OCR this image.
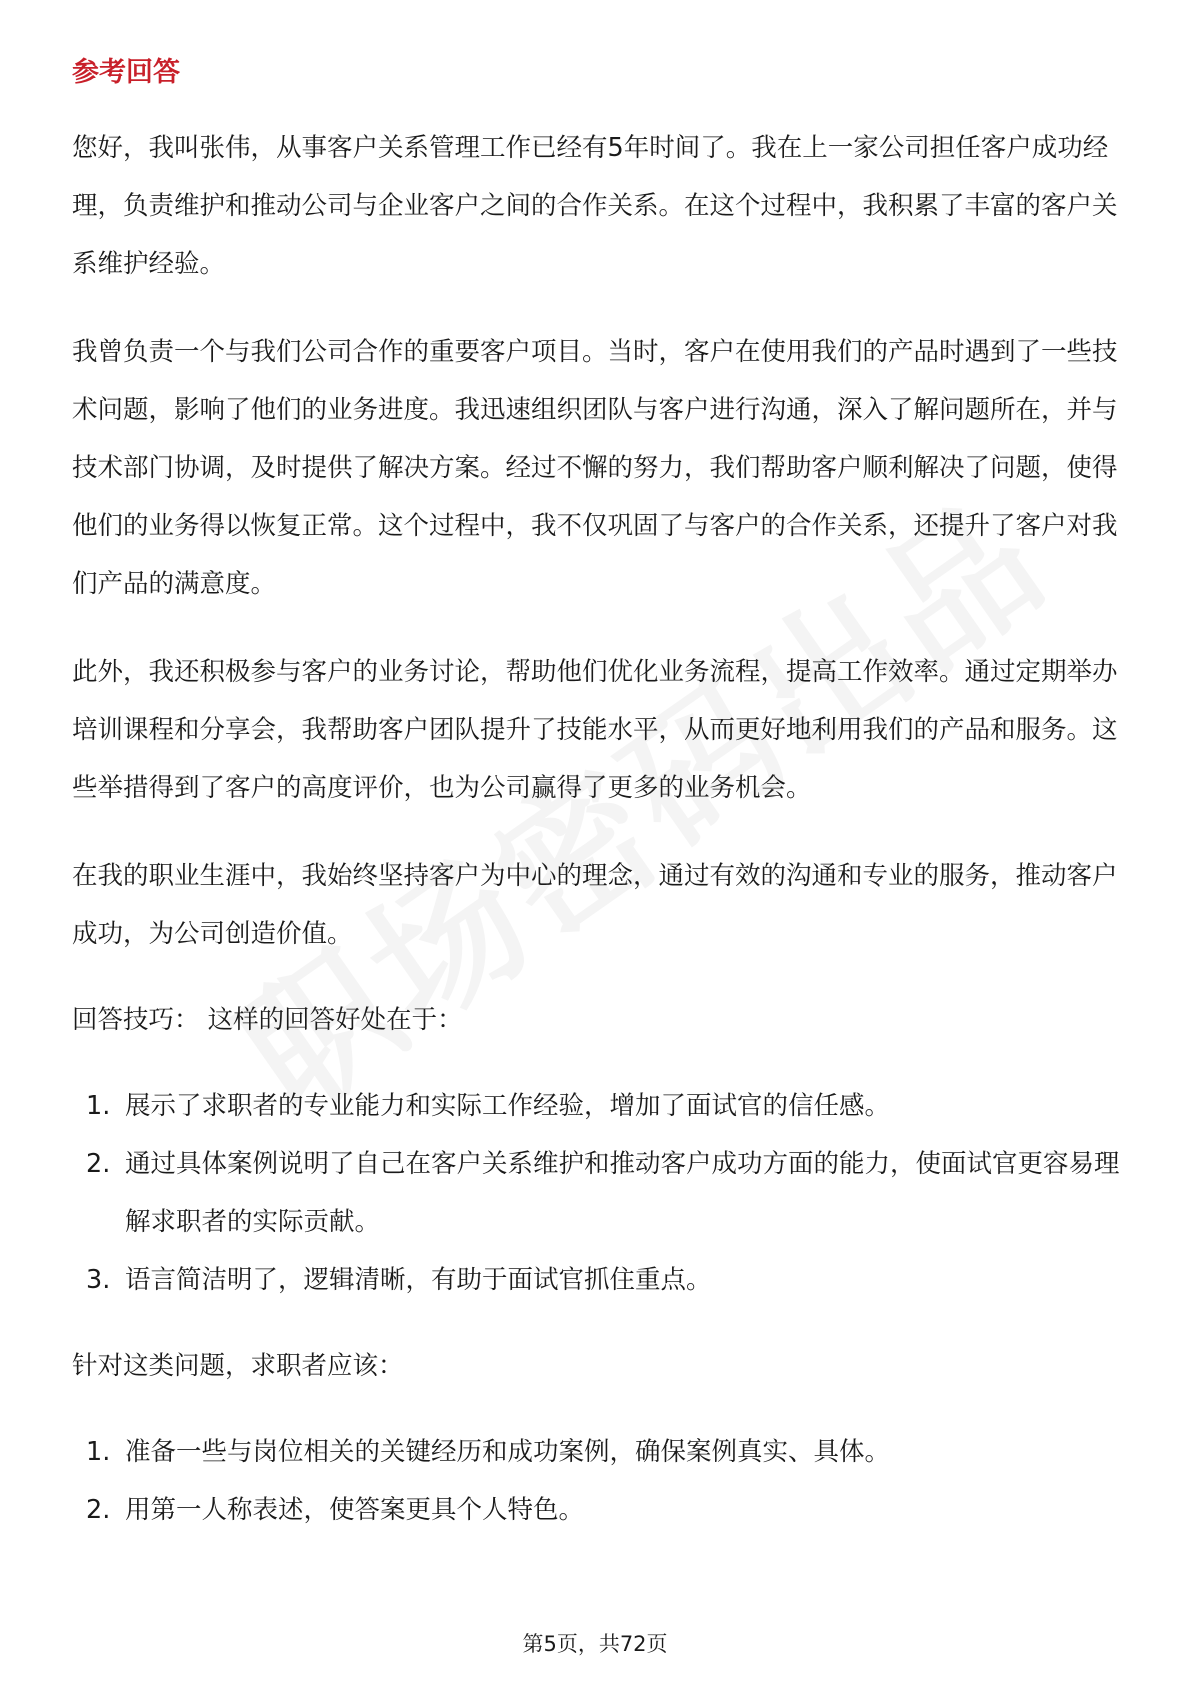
参考回答

您好，我叫张伟，从事客户关系管理工作已经有5年时间了。我在上一家公司担任客户成功经理，负责维护和推动公司与企业客户之间的合作关系。在这个过程中，我积累了丰富的客户关系维护经验。

我曾负责一个与我们公司合作的重要客户项目。当时，客户在使用我们的产品时遇到了一些技术问题，影响了他们的业务进度。我迅速组织团队与客户进行沟通，深入了解问题所在，并与技术部门协调，及时提供了解决方案。经过不懈的努力，我们帮助客户顺利解决了问题，使得他们的业务得以恢复正常。这个过程中，我不仅巩固了与客户的合作关系，还提升了客户对我们产品的满意度。

此外，我还积极参与客户的业务讨论，帮助他们优化业务流程，提高工作效率。通过定期举办培训课程和分享会，我帮助客户团队提升了技能水平，从而更好地利用我们的产品和服务。这些举措得到了客户的高度评价，也为公司赢得了更多的业务机会。

在我的职业生涯中，我始终坚持客户为中心的理念，通过有效的沟通和专业的服务，推动客户成功，为公司创造价值。

回答技巧： 这样的回答好处在于：

1. 展示了求职者的专业能力和实际工作经验，增加了面试官的信任感。
2. 通过具体案例说明了自己在客户关系维护和推动客户成功方面的能力，使面试官更容易理解求职者的实际贡献。
3. 语言简洁明了，逻辑清晰，有助于面试官抓住重点。

针对这类问题，求职者应该：

1. 准备一些与岗位相关的关键经历和成功案例，确保案例真实、具体。
2. 用第一人称表述，使答案更具个人特色。
第5页，共72页
